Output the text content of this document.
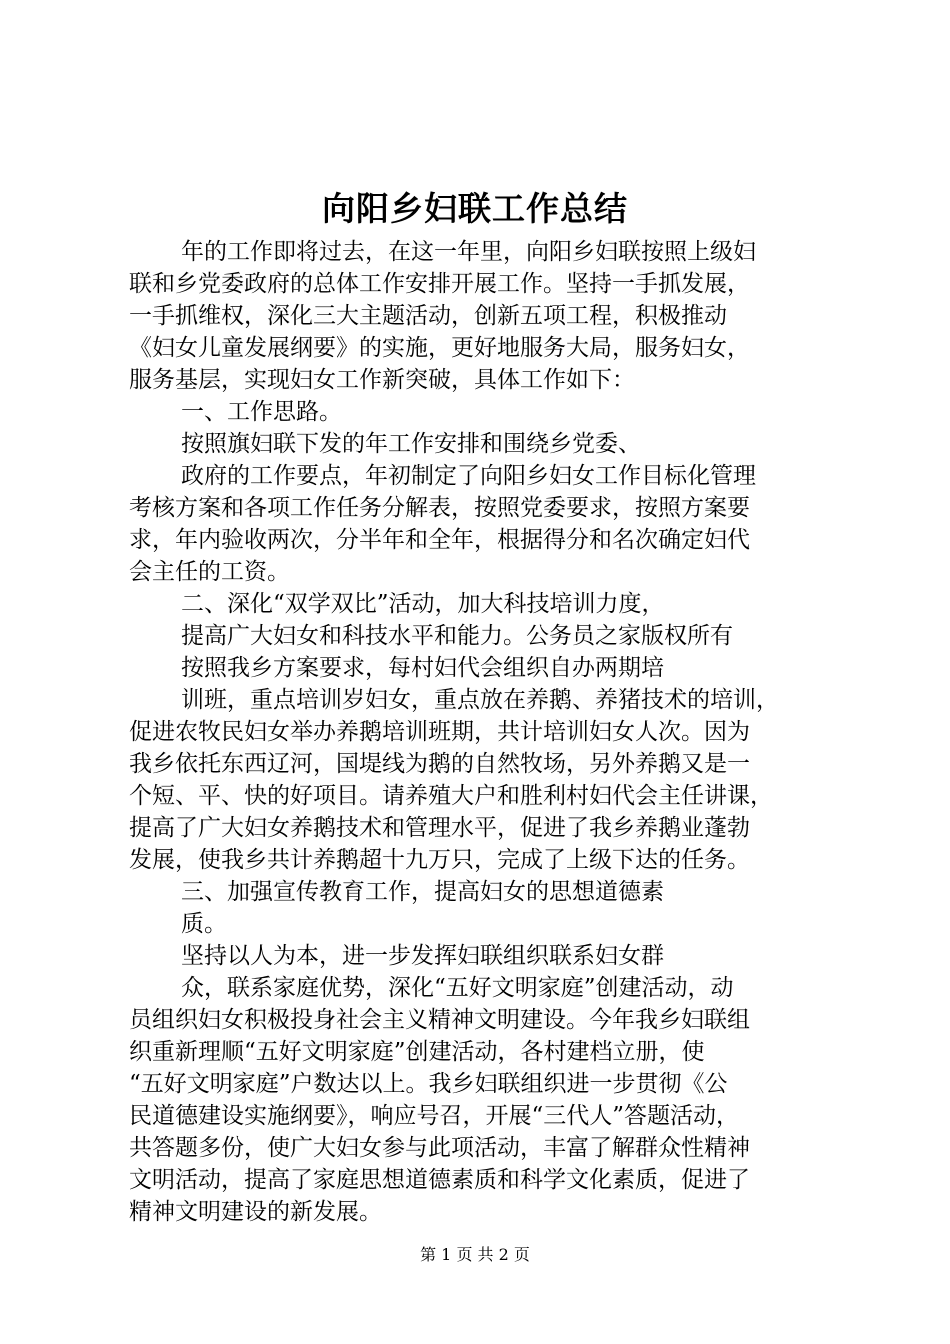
向阳乡妇联工作总结
年的工作即将过去，在这一年里，向阳乡妇联按照上级妇
联和乡党委政府的总体工作安排开展工作。坚持一手抓发展，
一手抓维权，深化三大主题活动，创新五项工程，积极推动
《妇女儿童发展纲要》的实施，更好地服务大局，服务妇女，
服务基层，实现妇女工作新突破，具体工作如下：
一、工作思路。
按照旗妇联下发的年工作安排和围绕乡党委、
政府的工作要点，年初制定了向阳乡妇女工作目标化管理
考核方案和各项工作任务分解表，按照党委要求，按照方案要
求，年内验收两次，分半年和全年，根据得分和名次确定妇代
会主任的工资。
二、深化“双学双比”活动，加大科技培训力度，
提高广大妇女和科技水平和能力。公务员之家版权所有
按照我乡方案要求，每村妇代会组织自办两期培
训班，重点培训岁妇女，重点放在养鹅、养猪技术的培训，
促进农牧民妇女举办养鹅培训班期，共计培训妇女人次。因为
我乡依托东西辽河，国堤线为鹅的自然牧场，另外养鹅又是一
个短、平、快的好项目。请养殖大户和胜利村妇代会主任讲课，
提高了广大妇女养鹅技术和管理水平，促进了我乡养鹅业蓬勃
发展，使我乡共计养鹅超十九万只，完成了上级下达的任务。
三、加强宣传教育工作，提高妇女的思想道德素
质。
坚持以人为本，进一步发挥妇联组织联系妇女群
众，联系家庭优势，深化“五好文明家庭”创建活动，动
员组织妇女积极投身社会主义精神文明建设。今年我乡妇联组
织重新理顺“五好文明家庭”创建活动，各村建档立册，使
“五好文明家庭”户数达以上。我乡妇联组织进一步贯彻《公
民道德建设实施纲要》，响应号召，开展“三代人”答题活动，
共答题多份，使广大妇女参与此项活动，丰富了解群众性精神
文明活动，提高了家庭思想道德素质和科学文化素质，促进了
精神文明建设的新发展。
第 1 页 共 2 页
